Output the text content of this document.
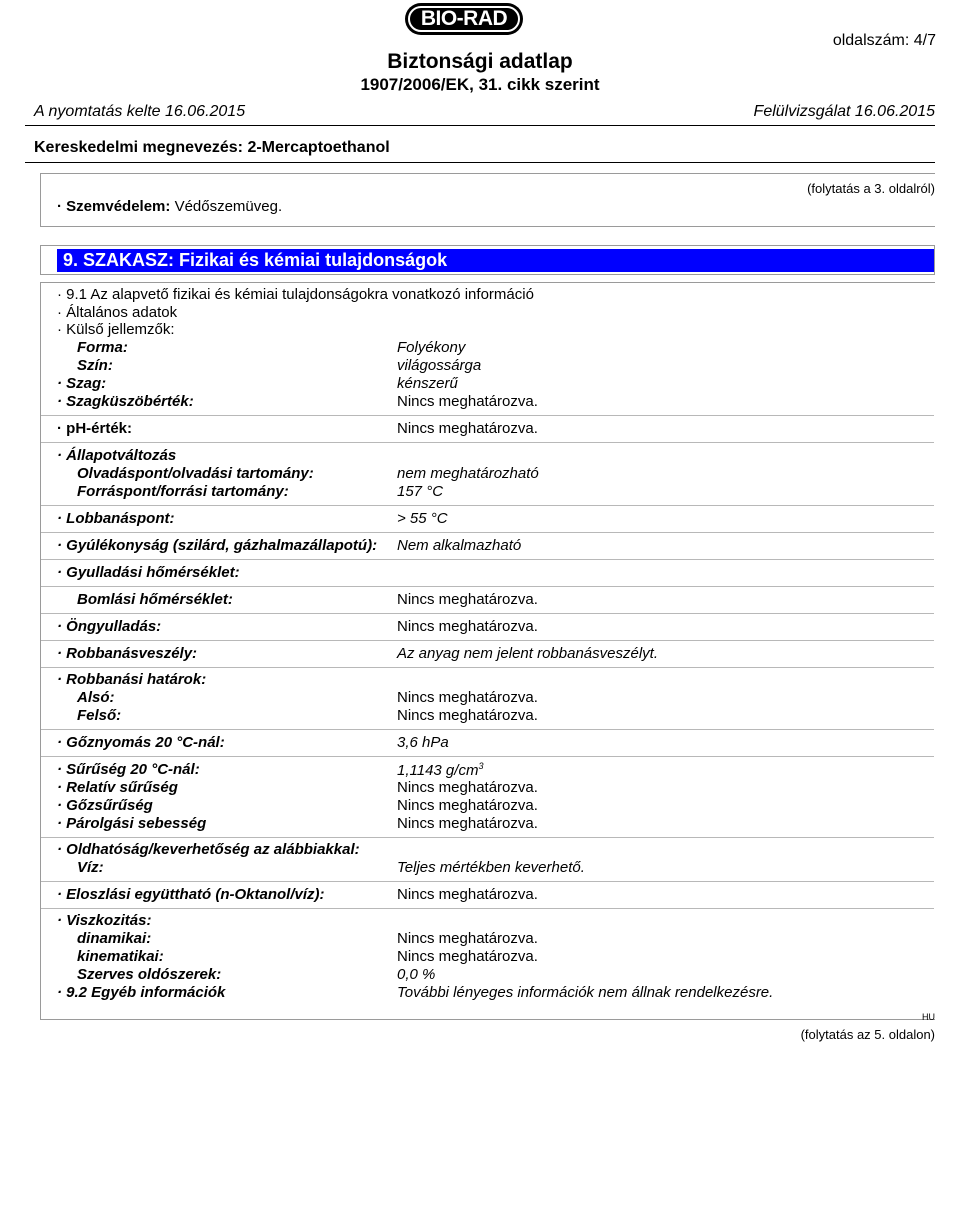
BIO-RAD
oldalszám: 4/7
Biztonsági adatlap
1907/2006/EK, 31. cikk szerint
A nyomtatás kelte 16.06.2015	Felülvizsgálat 16.06.2015
Kereskedelmi megnevezés: 2-Mercaptoethanol
(folytatás a 3. oldalról)
· Szemvédelem: Védőszemüveg.
9. SZAKASZ: Fizikai és kémiai tulajdonságok
· 9.1 Az alapvető fizikai és kémiai tulajdonságokra vonatkozó információ
· Általános adatok
· Külső jellemzők:
Forma:	Folyékony
Szín:	világossárga
· Szag:	kénszerű
· Szagküszöbérték:	Nincs meghatározva.
· pH-érték:	Nincs meghatározva.
· Állapotváltozás
Olvadáspont/olvadási tartomány:	nem meghatározható
Forráspont/forrási tartomány:	157 °C
· Lobbanáspont:	> 55 °C
· Gyúlékonyság (szilárd, gázhalmazállapotú): Nem alkalmazható
· Gyulladási hőmérséklet:
Bomlási hőmérséklet:	Nincs meghatározva.
· Öngyulladás:	Nincs meghatározva.
· Robbanásveszély:	Az anyag nem jelent robbanásveszélyt.
· Robbanási határok:
Alsó:	Nincs meghatározva.
Felső:	Nincs meghatározva.
· Gőznyomás 20 °C-nál:	3,6 hPa
· Sűrűség 20 °C-nál:	1,1143 $g/cm^3$
· Relatív sűrűség	Nincs meghatározva.
· Gőzsűrűség	Nincs meghatározva.
· Párolgási sebesség	Nincs meghatározva.
· Oldhatóság/keverhetőség az alábbiakkal:
Víz:	Teljes mértékben keverhető.
· Eloszlási együttható (n-Oktanol/víz):	Nincs meghatározva.
· Viszkozitás:
dinamikai:	Nincs meghatározva.
kinematikai:	Nincs meghatározva.
Szerves oldószerek:	0,0 %
· 9.2 Egyéb információk	További lényeges információk nem állnak rendelkezésre.
HU
(folytatás az 5. oldalon)
